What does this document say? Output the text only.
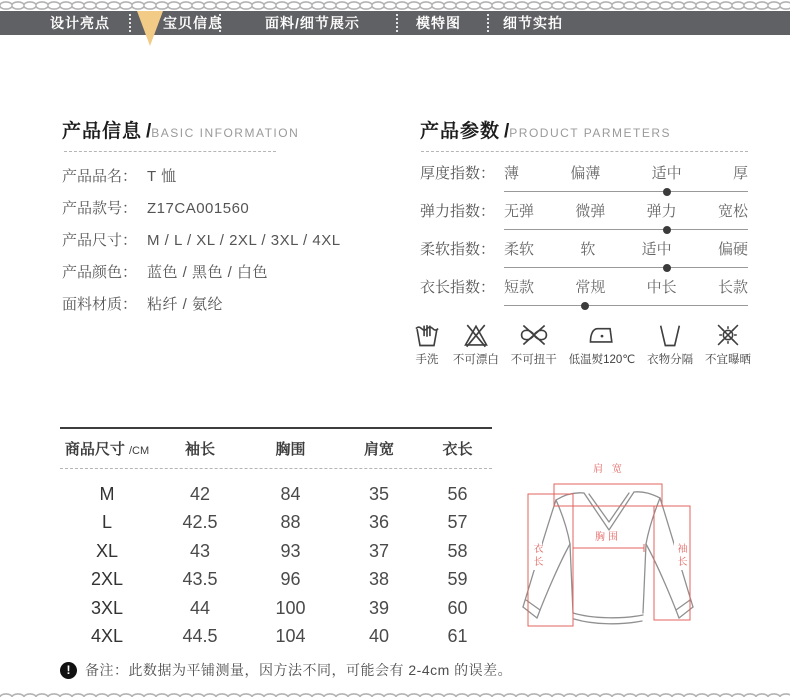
设计亮点	宝贝信息	面料/细节展示	模特图	细节实拍
产品信息 /BASIC INFORMATION
产品品名： T 恤
产品款号： Z17CA001560
产品尺寸： M / L / XL / 2XL / 3XL / 4XL
产品颜色： 蓝色 / 黑色 / 白色
面料材质： 粘纤 / 氨纶
产品参数 /PRODUCT PARMETERS
厚度指数： 薄	偏薄	适中	厚
弹力指数： 无弹	微弹	弹力	宽松
柔软指数： 柔软	软	适中	偏硬
衣长指数： 短款	常规	中长	长款
手洗 不可漂白 不可扭干 低温熨120℃ 衣物分隔 不宜曝晒
商品尺寸 /CM	袖长	胸围	肩宽	衣长
M	42	84	35	56
L	42.5	88	36	57
XL	43	93	37	58
2XL	43.5	96	38	59
3XL	44	100	39	60
4XL	44.5	104	40	61
肩 宽
胸围
衣长	袖长
!	备注：此数据为平铺测量，因方法不同，可能会有 2-4cm 的误差。
